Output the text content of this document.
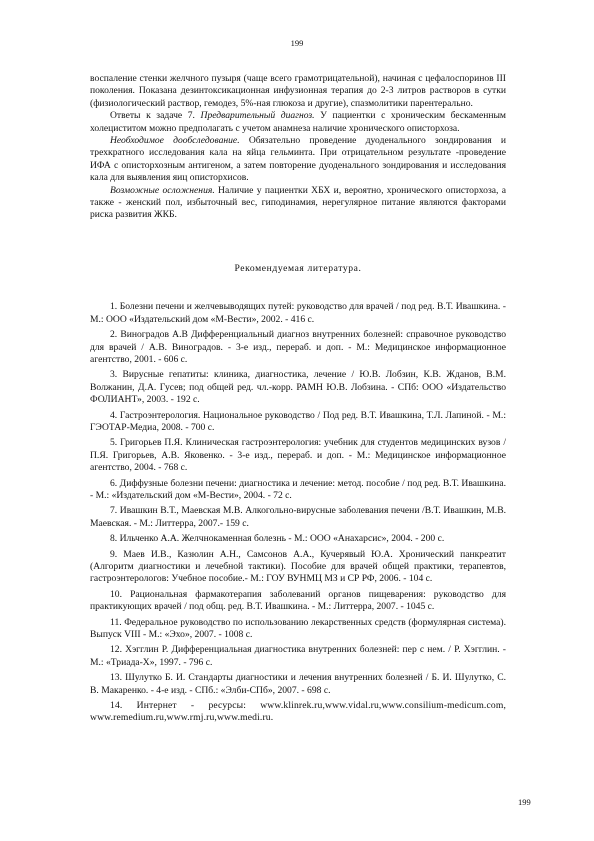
199

воспаление стенки желчного пузыря (чаще всего грамотрицательной), начиная с цефалоспоринов III поколения. Показана дезинтоксикационная инфузионная терапия до 2-3 литров растворов в сутки (физиологический раствор, гемодез, 5%-ная глюкоза и другие), спазмолитики парентерально.

Ответы к задаче 7. Предварительный диагноз. У пациентки с хроническим бескаменным холециститом можно предполагать с учетом анамнеза наличие хронического описторхоза.

Необходимое дообследование. Обязательно проведение дуоденального зондирования и трехкратного исследования кала на яйца гельминта. При отрицательном результате -проведение ИФА с описторхозным антигеном, а затем повторение дуоденального зондирования и исследования кала для выявления яиц описторхисов.

Возможные осложнения. Наличие у пациентки ХБХ и, вероятно, хронического описторхоза, а также - женский пол, избыточный вес, гиподинамия, нерегулярное питание являются факторами риска развития ЖКБ.

Рекомендуемая литература.

1. Болезни печени и желчевыводящих путей: руководство для врачей / под ред. В.Т. Ивашкина. - М.: ООО «Издательский дом «М-Вести», 2002. - 416 с.
2. Виноградов А.В Дифференциальный диагноз внутренних болезней: справочное руководство для врачей / А.В. Виноградов. - 3-е изд., перераб. и доп. - М.: Медицинское информационное агентство, 2001. - 606 с.
3. Вирусные гепатиты: клиника, диагностика, лечение / Ю.В. Лобзин, К.В. Жданов, В.М. Волжанин, Д.А. Гусев; под общей ред. чл.-корр. РАМН Ю.В. Лобзина. - СПб: ООО «Издательство ФОЛИАНТ», 2003. - 192 с.
4. Гастроэнтерология. Национальное руководство / Под ред. В.Т. Ивашкина, Т.Л. Лапиной. - М.: ГЭОТАР-Медиа, 2008. - 700 с.
5. Григорьев П.Я. Клиническая гастроэнтерология: учебник для студентов медицинских вузов / П.Я. Григорьев, А.В. Яковенко. - 3-е изд., перераб. и доп. - М.: Медицинское информационное агентство, 2004. - 768 с.
6. Диффузные болезни печени: диагностика и лечение: метод. пособие / под ред. В.Т. Ивашкина. - М.: «Издательский дом «М-Вести», 2004. - 72 с.
7. Ивашкин В.Т., Маевская М.В. Алкогольно-вирусные заболевания печени /В.Т. Ивашкин, М.В. Маевская. - М.: Литтерра, 2007.- 159 с.
8. Ильченко А.А. Желчнокаменная болезнь - М.: ООО «Анахарсис», 2004. - 200 с.
9. Маев И.В., Казюлин А.Н., Самсонов А.А., Кучерявый Ю.А. Хронический панкреатит (Алгоритм диагностики и лечебной тактики). Пособие для врачей общей практики, терапевтов, гастроэнтерологов: Учебное пособие.- М.: ГОУ ВУНМЦ МЗ и СР РФ, 2006. - 104 с.
10. Рациональная фармакотерапия заболеваний органов пищеварения: руководство для практикующих врачей / под общ. ред. В.Т. Ивашкина. - М.: Литтерра, 2007. - 1045 с.
11. Федеральное руководство по использованию лекарственных средств (формулярная система). Выпуск VIII - М.: «Эхо», 2007. - 1008 с.
12. Хэгглин Р. Дифференциальная диагностика внутренних болезней: пер с нем. / Р. Хэгглин. - М.: «Триада-Х», 1997. - 796 с.
13. Шулутко Б. И. Стандарты диагностики и лечения внутренних болезней / Б. И. Шулутко, С. В. Макаренко. - 4-е изд. - СПб.: «Элби-СПб», 2007. - 698 с.
14. Интернет - ресурсы: www.klinrek.ru,www.vidal.ru,www.consilium-medicum.com, www.remedium.ru,www.rmj.ru,www.medi.ru.
199
